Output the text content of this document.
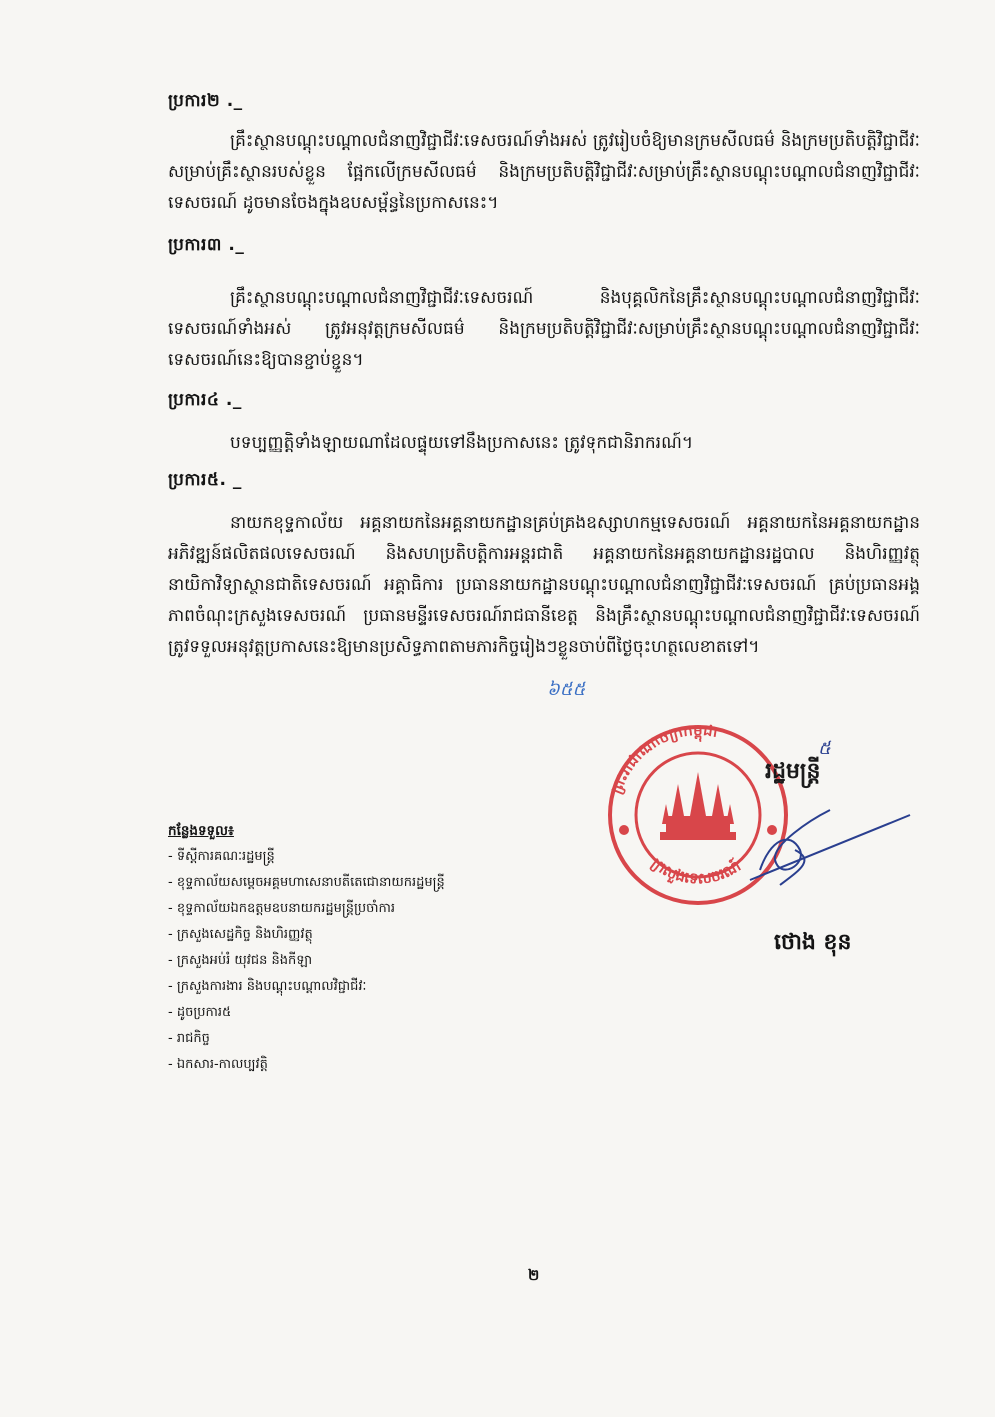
ប្រការ២ ._

គ្រឹះស្ថានបណ្តុះបណ្តាលជំនាញវិជ្ជាជីវៈទេសចរណ៍ទាំងអស់ ត្រូវរៀបចំឱ្យមានក្រមសីលធម៌ និងក្រមប្រតិបត្តិវិជ្ជាជីវៈសម្រាប់គ្រឹះស្ថានរបស់ខ្លួន ផ្អែកលើក្រមសីលធម៌ និងក្រមប្រតិបត្តិវិជ្ជាជីវៈសម្រាប់គ្រឹះស្ថានបណ្តុះបណ្តាលជំនាញវិជ្ជាជីវៈទេសចរណ៍ ដូចមានចែងក្នុងឧបសម្ព័ន្ធនៃប្រកាសនេះ។

ប្រការ៣ ._

គ្រឹះស្ថានបណ្តុះបណ្តាលជំនាញវិជ្ជាជីវៈទេសចរណ៍ និងបុគ្គលិកនៃគ្រឹះស្ថានបណ្តុះបណ្តាលជំនាញវិជ្ជាជីវៈទេសចរណ៍ទាំងអស់ ត្រូវអនុវត្តក្រមសីលធម៌ និងក្រមប្រតិបត្តិវិជ្ជាជីវៈសម្រាប់គ្រឹះស្ថានបណ្តុះបណ្តាលជំនាញវិជ្ជាជីវៈទេសចរណ៍នេះឱ្យបានខ្ជាប់ខ្ជួន។

ប្រការ៤ ._

បទប្បញ្ញត្តិទាំងឡាយណាដែលផ្ទុយទៅនឹងប្រកាសនេះ ត្រូវទុកជានិរាករណ៍។

ប្រការ៥. _

នាយកខុទ្ទកាល័យ អគ្គនាយកនៃអគ្គនាយកដ្ឋានគ្រប់គ្រងឧស្សាហកម្មទេសចរណ៍ អគ្គនាយកនៃអគ្គនាយកដ្ឋានអភិវឌ្ឍន៍ផលិតផលទេសចរណ៍ និងសហប្រតិបត្តិការអន្តរជាតិ អគ្គនាយកនៃអគ្គនាយកដ្ឋានរដ្ឋបាល និងហិរញ្ញវត្ថុ នាយិកាវិទ្យាស្ថានជាតិទេសចរណ៍ អគ្គាធិការ ប្រធាននាយកដ្ឋានបណ្តុះបណ្តាលជំនាញវិជ្ជាជីវៈទេសចរណ៍ គ្រប់ប្រធានអង្គភាពចំណុះក្រសួងទេសចរណ៍ ប្រធានមន្ទីរទេសចរណ៍រាជធានីខេត្ត និងគ្រឹះស្ថានបណ្តុះបណ្តាលជំនាញវិជ្ជាជីវៈទេសចរណ៍ ត្រូវទទួលអនុវត្តប្រកាសនេះឱ្យមានប្រសិទ្ធភាពតាមភារកិច្ចរៀងៗខ្លួនចាប់ពីថ្ងៃចុះហត្ថលេខាតទៅ។

៦៥៥
ព្រះរាជាណាចក្រកម្ពុជា
ក្រសួងទេសចរណ៍
៥
រដ្ឋមន្ត្រី
ថោង ខុន
កន្លែងទទួល៖
- ទីស្តីការគណៈរដ្ឋមន្ត្រី
- ខុទ្ទកាល័យសម្តេចអគ្គមហាសេនាបតីតេជោនាយករដ្ឋមន្ត្រី
- ខុទ្ទកាល័យឯកឧត្តមឧបនាយករដ្ឋមន្ត្រីប្រចាំការ
- ក្រសួងសេដ្ឋកិច្ច និងហិរញ្ញវត្ថុ
- ក្រសួងអប់រំ យុវជន និងកីឡា
- ក្រសួងការងារ និងបណ្តុះបណ្តាលវិជ្ជាជីវៈ
- ដូចប្រការ៥
- រាជកិច្ច
- ឯកសារ-កាលប្បវត្តិ
២
